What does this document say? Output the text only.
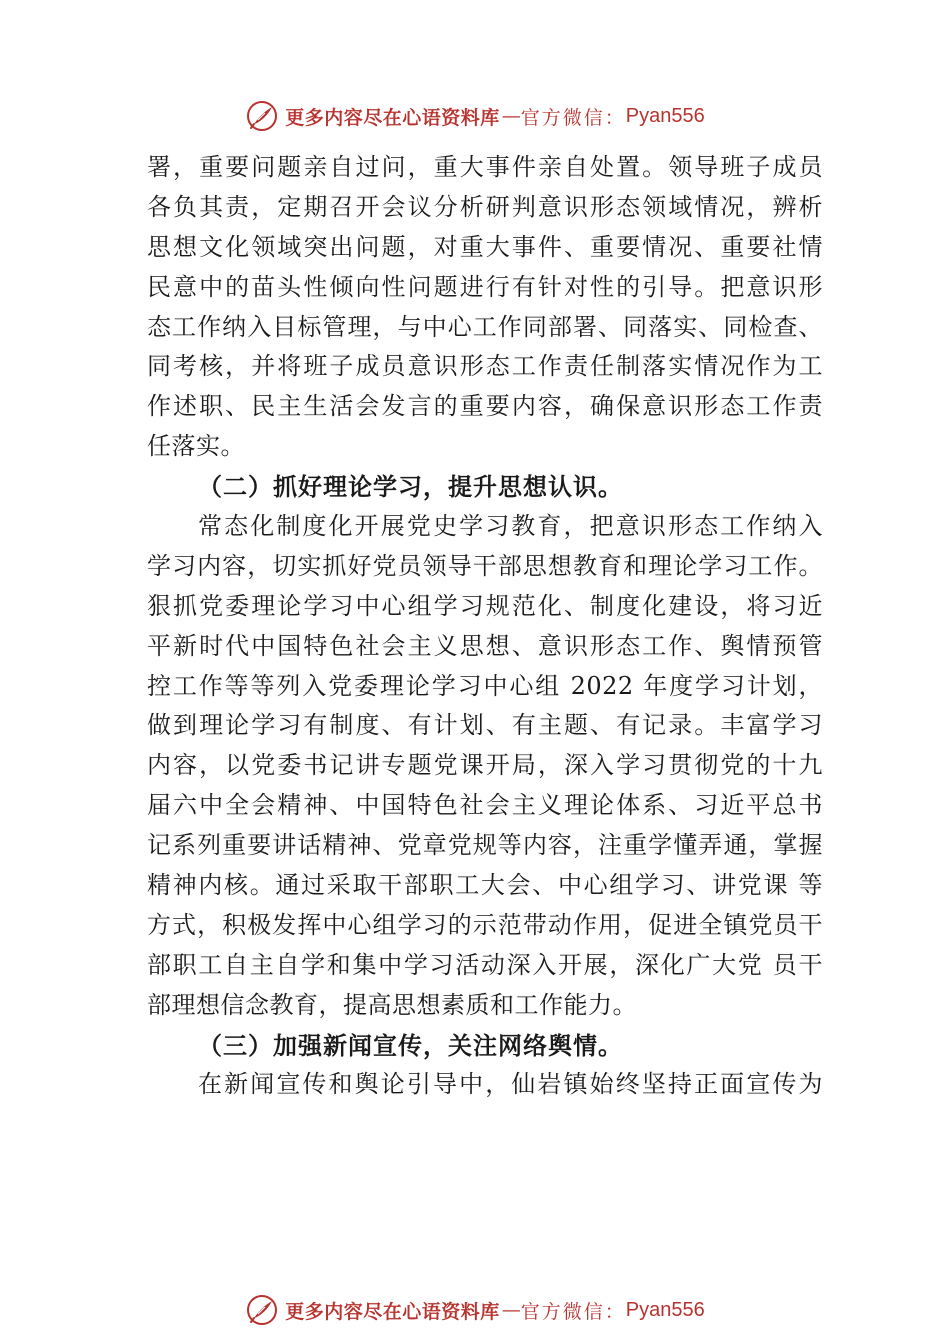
更多内容尽在心语资料库 — 官方微信： Pyan556
署，重要问题亲自过问，重大事件亲自处置。领导班子成员
各负其责，定期召开会议分析研判意识形态领域情况，辨析
思想文化领域突出问题，对重大事件、重要情况、重要社情
民意中的苗头性倾向性问题进行有针对性的引导。把意识形
态工作纳入目标管理，与中心工作同部署、同落实、同检查、
同考核，并将班子成员意识形态工作责任制落实情况作为工
作述职、民主生活会发言的重要内容，确保意识形态工作责
任落实。
（二）抓好理论学习，提升思想认识。
常态化制度化开展党史学习教育，把意识形态工作纳入
学习内容，切实抓好党员领导干部思想教育和理论学习工作。
狠抓党委理论学习中心组学习规范化、制度化建设，将习近
平新时代中国特色社会主义思想、意识形态工作、舆情预管
控工作等等列入党委理论学习中心组 2022 年度学习计划，
做到理论学习有制度、有计划、有主题、有记录。丰富学习
内容，以党委书记讲专题党课开局，深入学习贯彻党的十九
届六中全会精神、中国特色社会主义理论体系、习近平总书
记系列重要讲话精神、党章党规等内容，注重学懂弄通，掌握
精神内核。通过采取干部职工大会、中心组学习、讲党课 等
方式，积极发挥中心组学习的示范带动作用，促进全镇党员干
部职工自主自学和集中学习活动深入开展，深化广大党 员干
部理想信念教育，提高思想素质和工作能力。
（三）加强新闻宣传，关注网络舆情。
在新闻宣传和舆论引导中，仙岩镇始终坚持正面宣传为
更多内容尽在心语资料库 — 官方微信： Pyan556
